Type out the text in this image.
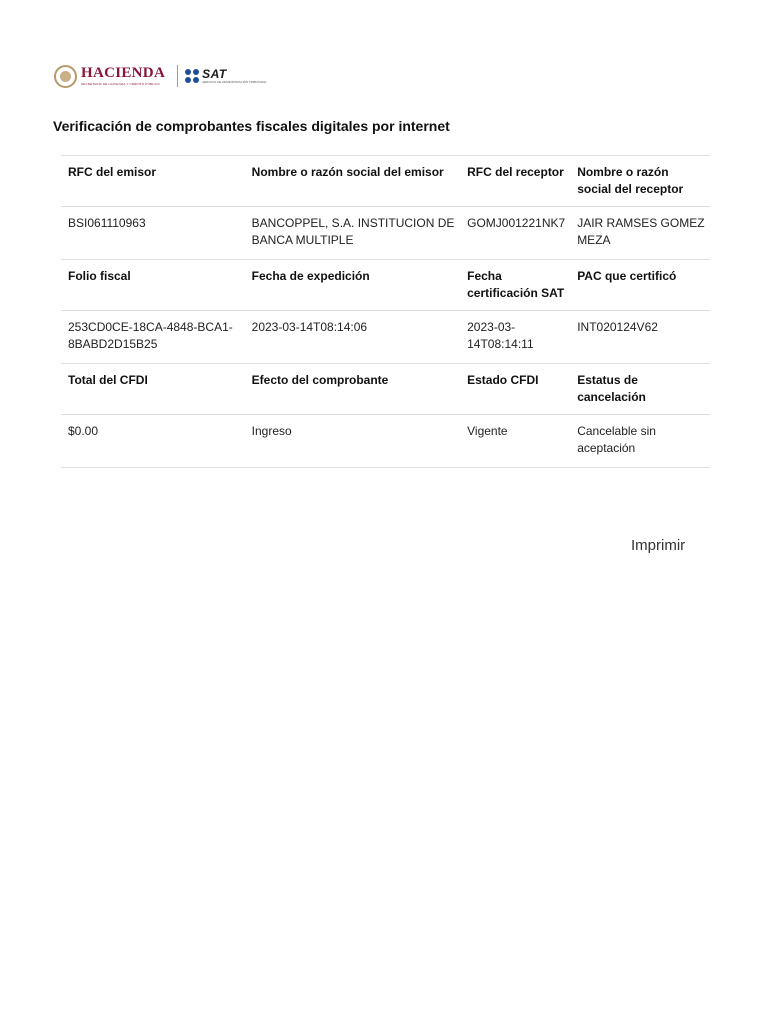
HACIENDA
SECRETARÍA DE HACIENDA Y CRÉDITO PÚBLICO
SAT
SERVICIO DE ADMINISTRACIÓN TRIBUTARIA
Verificación de comprobantes fiscales digitales por internet
RFC del emisor	Nombre o razón social del emisor	RFC del receptor	Nombre o razón social del receptor
BSI061110963	BANCOPPEL, S.A. INSTITUCION DE BANCA MULTIPLE	GOMJ001221NK7	JAIR RAMSES GOMEZ MEZA
Folio fiscal	Fecha de expedición	Fecha certificación SAT	PAC que certificó
253CD0CE-18CA-4848-BCA1-8BABD2D15B25	2023-03-14T08:14:06	2023-03-14T08:14:11	INT020124V62
Total del CFDI	Efecto del comprobante	Estado CFDI	Estatus de cancelación
$0.00	Ingreso	Vigente	Cancelable sin aceptación
Imprimir
